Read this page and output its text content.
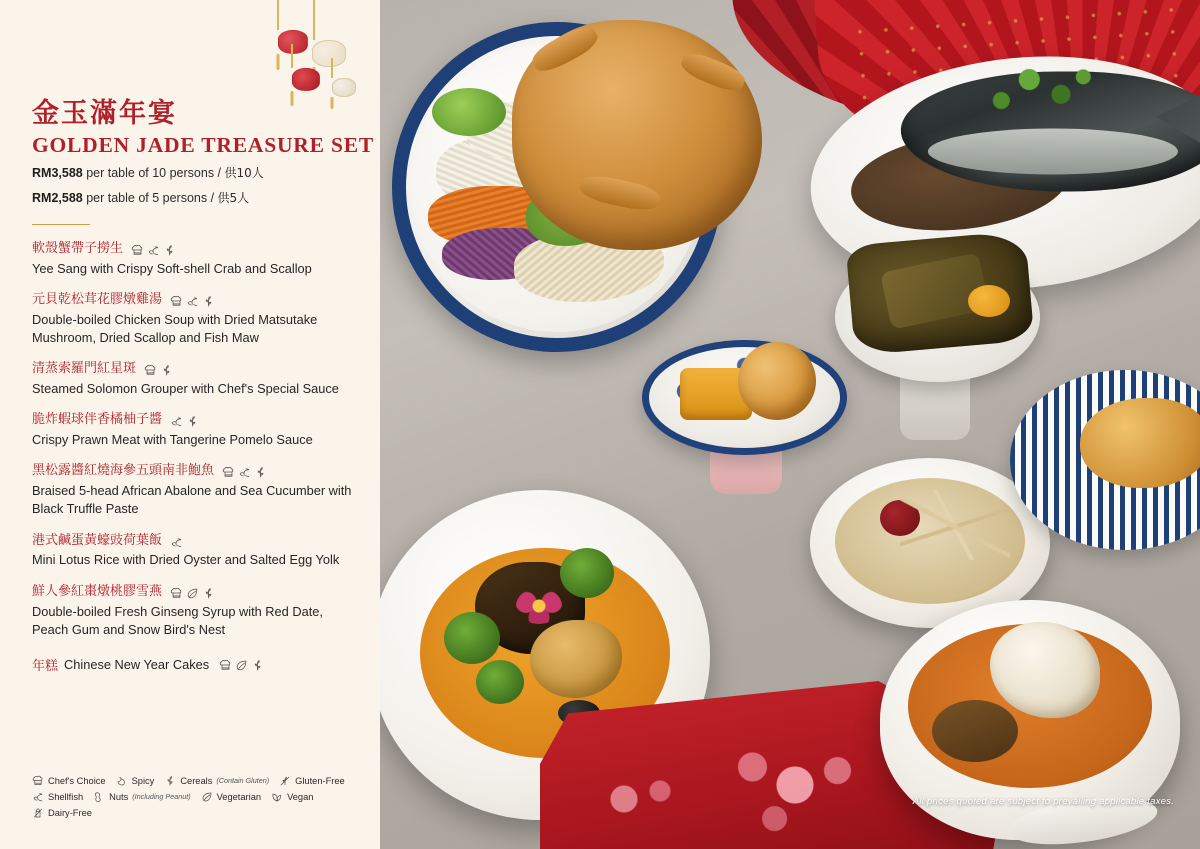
金玉滿年宴
GOLDEN JADE TREASURE SET
RM3,588 per table of 10 persons / 供10人
RM2,588 per table of 5 persons / 供5人
軟殼蟹帶子撈生
Yee Sang with Crispy Soft-shell Crab and Scallop
元貝乾松茸花膠燉雞湯
Double-boiled Chicken Soup with Dried Matsutake Mushroom, Dried Scallop and Fish Maw
清蒸索羅門紅星斑
Steamed Solomon Grouper with Chef's Special Sauce
脆炸蝦球伴香橘柚子醬
Crispy Prawn Meat with Tangerine Pomelo Sauce
黑松露醬紅燒海參五頭南非鮑魚
Braised 5-head African Abalone and Sea Cucumber with Black Truffle Paste
港式鹹蛋黃蠔豉荷葉飯
Mini Lotus Rice with Dried Oyster and Salted Egg Yolk
鮮人參紅棗燉桃膠雪燕
Double-boiled Fresh Ginseng Syrup with Red Date, Peach Gum and Snow Bird's Nest
年糕 Chinese New Year Cakes
Chef's Choice	Spicy	Cereals (Contain Gluten)	Gluten-Free
Shellfish	Nuts (Including Peanut)	Vegetarian	Vegan
Dairy-Free
All prices quoted are subject to prevailing applicable taxes.
